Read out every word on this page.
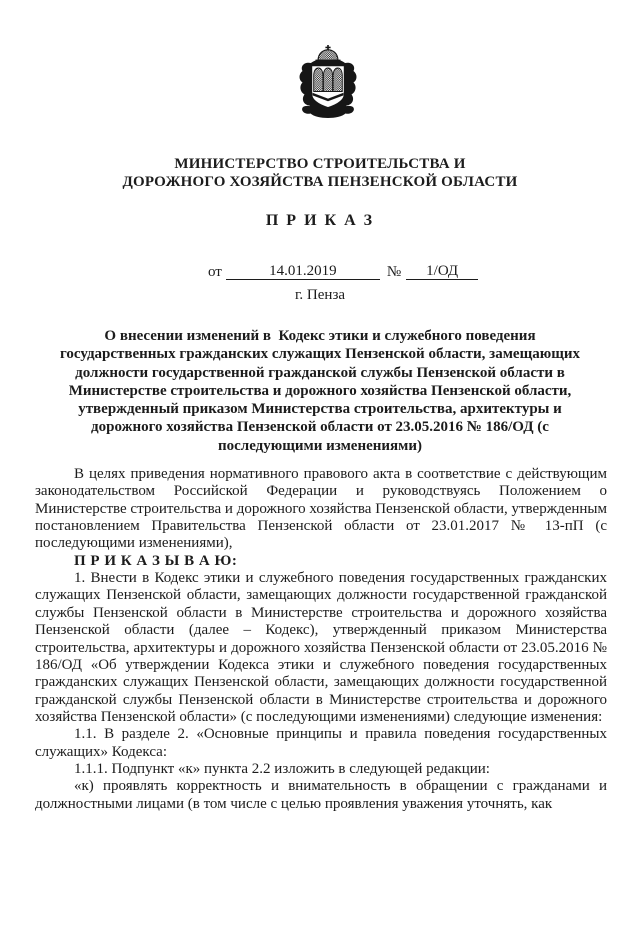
МИНИСТЕРСТВО СТРОИТЕЛЬСТВА И
ДОРОЖНОГО ХОЗЯЙСТВА ПЕНЗЕНСКОЙ ОБЛАСТИ
П Р И К А З
от	14.01.2019	№ 1/ОД
г. Пенза
О внесении изменений в  Кодекс этики и служебного поведения
государственных гражданских служащих Пензенской области, замещающих
должности государственной гражданской службы Пензенской области в
Министерстве строительства и дорожного хозяйства Пензенской области,
утвержденный приказом Министерства строительства, архитектуры и
дорожного хозяйства Пензенской области от 23.05.2016 № 186/ОД (с
последующими изменениями)

В целях приведения нормативного правового акта в соответствие с действующим законодательством Российской Федерации и руководствуясь Положением о Министерстве строительства и дорожного хозяйства Пензенской области, утвержденным постановлением Правительства Пензенской области от 23.01.2017 № 13-пП (с последующими изменениями),

П Р И К А З Ы В А Ю:

1. Внести в Кодекс этики и служебного поведения государственных гражданских служащих Пензенской области, замещающих должности государственной гражданской службы Пензенской области в Министерстве строительства и дорожного хозяйства Пензенской области (далее – Кодекс), утвержденный приказом Министерства строительства, архитектуры и дорожного хозяйства Пензенской области от 23.05.2016 № 186/ОД «Об утверждении Кодекса этики и служебного поведения государственных гражданских служащих Пензенской области, замещающих должности государственной гражданской службы Пензенской области в Министерстве строительства и дорожного хозяйства Пензенской области» (с последующими изменениями) следующие изменения:

1.1. В разделе 2. «Основные принципы и правила поведения государственных служащих» Кодекса:

1.1.1. Подпункт «к» пункта 2.2 изложить в следующей редакции:

«к) проявлять корректность и внимательность в обращении с гражданами и должностными лицами (в том числе с целью проявления уважения уточнять, как
